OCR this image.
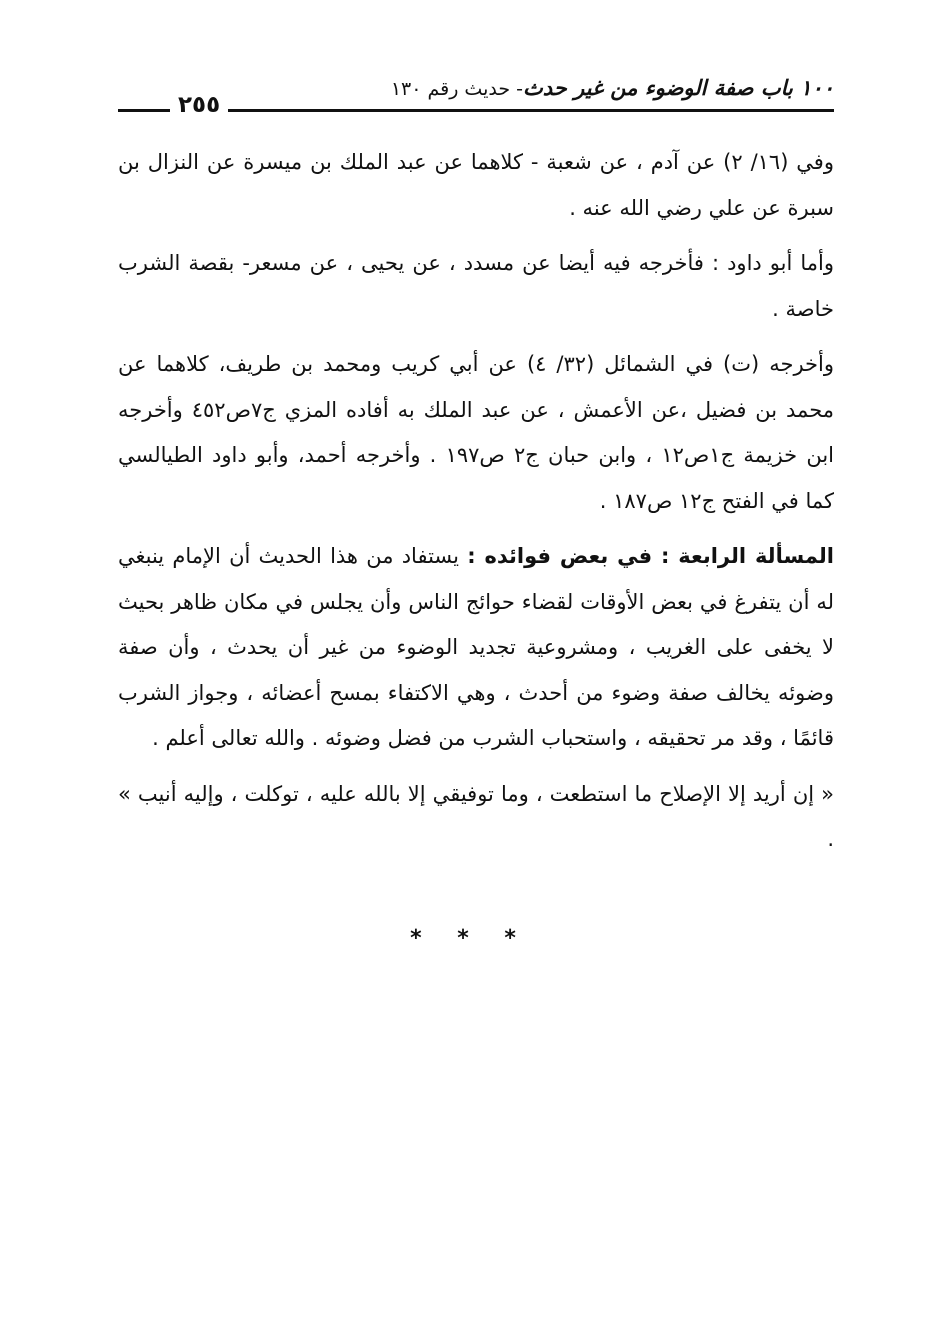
١٠٠ باب صفة الوضوء من غير حدث- حديث رقم ١٣٠
٢٥٥

وفي (١٦/ ٢) عن آدم ، عن شعبة - كلاهما عن عبد الملك بن ميسرة عن النزال بن سبرة عن علي رضي الله عنه .

وأما أبو داود : فأخرجه فيه أيضا عن مسدد ، عن يحيى ، عن مسعر- بقصة الشرب خاصة .

وأخرجه (ت) في الشمائل (٣٢/ ٤) عن أبي كريب ومحمد بن طريف، كلاهما عن محمد بن فضيل ،عن الأعمش ، عن عبد الملك به أفاده المزي ج٧ص٤٥٢ وأخرجه ابن خزيمة ج١ص١٢ ، وابن حبان ج٢ ص١٩٧ . وأخرجه أحمد، وأبو داود الطيالسي كما في الفتح ج١٢ ص١٨٧ .

المسألة الرابعة : في بعض فوائده : يستفاد من هذا الحديث أن الإمام ينبغي له أن يتفرغ في بعض الأوقات لقضاء حوائج الناس وأن يجلس في مكان ظاهر بحيث لا يخفى على الغريب ، ومشروعية تجديد الوضوء من غير أن يحدث ، وأن صفة وضوئه يخالف صفة وضوء من أحدث ، وهي الاكتفاء بمسح أعضائه ، وجواز الشرب قائمًا ، وقد مر تحقيقه ، واستحباب الشرب من فضل وضوئه . والله تعالى أعلم .

« إن أريد إلا الإصلاح ما استطعت ، وما توفيقي إلا بالله عليه ، توكلت ، وإليه أنيب » .

* * *
